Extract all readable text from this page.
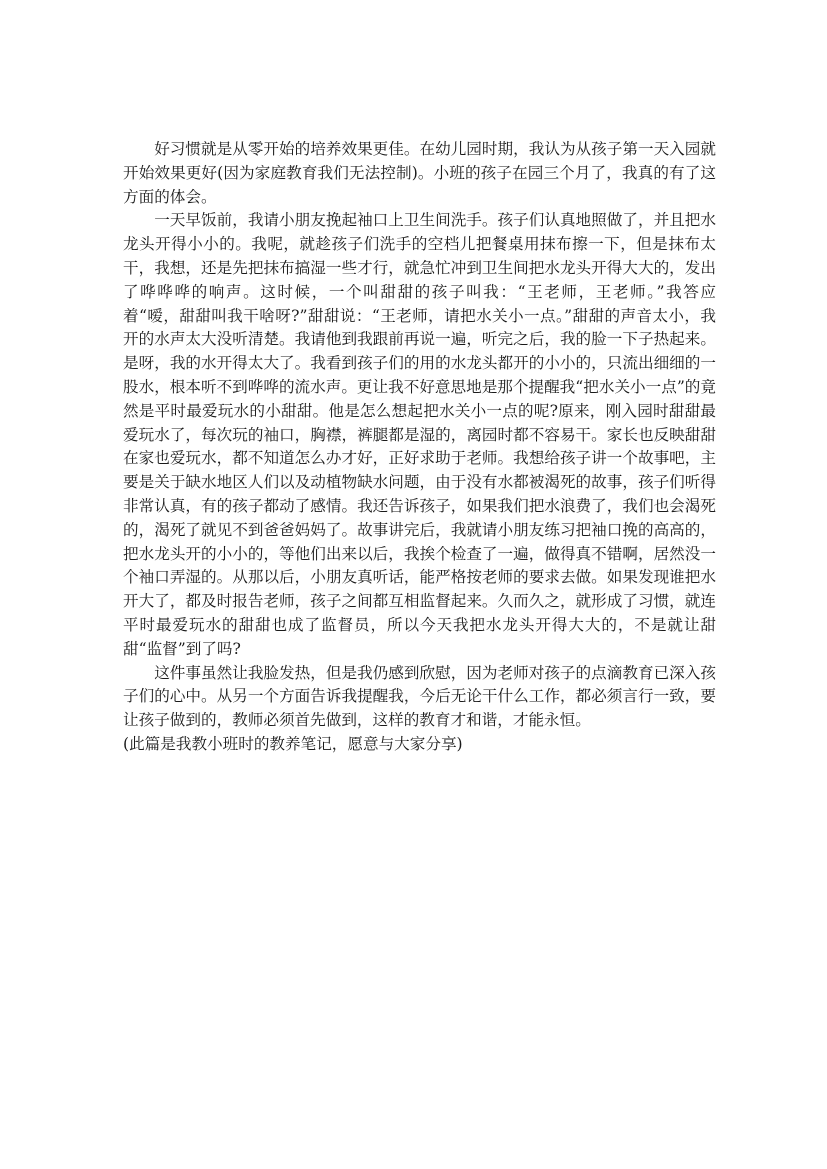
好习惯就是从零开始的培养效果更佳。在幼儿园时期，我认为从孩子第一天入园就开始效果更好(因为家庭教育我们无法控制)。小班的孩子在园三个月了，我真的有了这方面的体会。

一天早饭前，我请小朋友挽起袖口上卫生间洗手。孩子们认真地照做了，并且把水龙头开得小小的。我呢，就趁孩子们洗手的空档儿把餐桌用抹布擦一下，但是抹布太干，我想，还是先把抹布搞湿一些才行，就急忙冲到卫生间把水龙头开得大大的，发出了哗哗哗的响声。这时候，一个叫甜甜的孩子叫我：“王老师，王老师。”我答应着“嗳，甜甜叫我干啥呀?”甜甜说：“王老师，请把水关小一点。”甜甜的声音太小，我开的水声太大没听清楚。我请他到我跟前再说一遍，听完之后，我的脸一下子热起来。是呀，我的水开得太大了。我看到孩子们的用的水龙头都开的小小的，只流出细细的一股水，根本听不到哗哗的流水声。更让我不好意思地是那个提醒我“把水关小一点”的竟然是平时最爱玩水的小甜甜。他是怎么想起把水关小一点的呢?原来，刚入园时甜甜最爱玩水了，每次玩的袖口，胸襟，裤腿都是湿的，离园时都不容易干。家长也反映甜甜在家也爱玩水，都不知道怎么办才好，正好求助于老师。我想给孩子讲一个故事吧，主要是关于缺水地区人们以及动植物缺水问题，由于没有水都被渴死的故事，孩子们听得非常认真，有的孩子都动了感情。我还告诉孩子，如果我们把水浪费了，我们也会渴死的，渴死了就见不到爸爸妈妈了。故事讲完后，我就请小朋友练习把袖口挽的高高的，把水龙头开的小小的，等他们出来以后，我挨个检查了一遍，做得真不错啊，居然没一个袖口弄湿的。从那以后，小朋友真听话，能严格按老师的要求去做。如果发现谁把水开大了，都及时报告老师，孩子之间都互相监督起来。久而久之，就形成了习惯，就连平时最爱玩水的甜甜也成了监督员，所以今天我把水龙头开得大大的，不是就让甜甜“监督”到了吗?

这件事虽然让我脸发热，但是我仍感到欣慰，因为老师对孩子的点滴教育已深入孩子们的心中。从另一个方面告诉我提醒我，今后无论干什么工作，都必须言行一致，要让孩子做到的，教师必须首先做到，这样的教育才和谐，才能永恒。

(此篇是我教小班时的教养笔记，愿意与大家分享)
